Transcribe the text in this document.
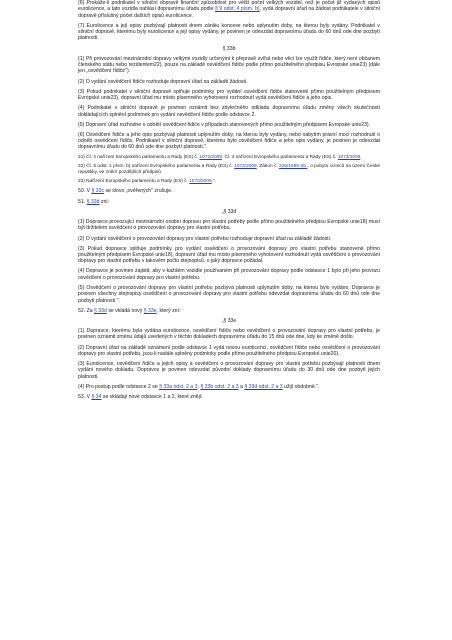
(6) Prokáže-li podnikatel v silniční dopravě finanční způsobilost pro větší počet velkých vozidel, než je počet již vydaných opisů eurolicence, a tato vozidla nahlásí dopravnímu úřadu podle § 9 odst. 4 písm. b), vydá dopravní úřad na žádost podnikatele v silniční dopravě příslušný počet dalších opisů eurolicence.

(7) Eurolicence a její opisy pozbývají platnosti dnem zániku koncese nebo uplynutím doby, na kterou byly vydány. Podnikatel v silniční dopravě, kterému byly eurolicence a její opisy vydány, je povinen je odevzdat dopravnímu úřadu do 60 dnů ode dne pozbytí platnosti.

§ 33b

(1) Při provozování mezinárodní dopravy velkými vozidly určenými k přepravě zvířat nebo věcí lze využít řidiče, který není občanem členského státu nebo rezidentem22), pouze na základě osvědčení řidiče podle přímo použitelného předpisu Evropské unie23) (dále jen „osvědčení řidiče").

(2) O vydání osvědčení řidiče rozhoduje dopravní úřad na základě žádosti.

(3) Pokud podnikatel v silniční dopravě splňuje podmínky pro vydání osvědčení řidiče stanovené přímo použitelným předpisem Evropské unie23), dopravní úřad mu místo písemného vyhotovení rozhodnutí vydá osvědčení řidiče a jeho opis.

(4) Podnikatel v silniční dopravě je povinen oznámit bez zbytečného odkladu dopravnímu úřadu změny všech skutečností dokládajících splnění podmínek pro vydání osvědčení řidiče podle odstavce 2.

(5) Dopravní úřad rozhodne o odnětí osvědčení řidiče v případech stanovených přímo použitelným předpisem Evropské unie23).

(6) Osvědčení řidiče a jeho opis pozbývají platnosti uplynutím doby, na kterou byly vydány, nebo nabytím právní moci rozhodnutí o odnětí osvědčení řidiče. Podnikatel v silniční dopravě, kterému bylo osvědčení řidiče a jeho opis vydány, je povinen je odevzdat dopravnímu úřadu do 60 dnů ode dne pozbytí platnosti.".

21) Čl. 4 nařízení Evropského parlamentu a Rady (ES) č. 1072/2009. Čl. 4 nařízení Evropského parlamentu a Rady (ES) č. 1073/2009.

22) Čl. 5 odst. 1 písm. b) nařízení Evropského parlamentu a Rady (ES) č. 1072/2009. Zákon č. 326/1999 Sb., o pobytu cizinců na území České republiky, ve znění pozdějších předpisů.

23) Nařízení Evropského parlamentu a Rady (ES) č. 1072/2009.".

50. V § 33c se slovo „ověřených" zrušuje.

51. § 33d zní:

„§ 33d

(1) Dopravce provozující mezinárodní osobní dopravu pro vlastní potřeby podle přímo použitelného předpisu Evropské unie18) musí být držitelem osvědčení o provozování dopravy pro vlastní potřebu.

(2) O vydání osvědčení o provozování dopravy pro vlastní potřebu rozhoduje dopravní úřad na základě žádosti.

(3) Pokud dopravce splňuje podmínky pro vydání osvědčení o provozování dopravy pro vlastní potřebu stanovené přímo použitelným předpisem Evropské unie18), dopravní úřad mu místo písemného vyhotovení rozhodnutí vydá osvědčení o provozování dopravy pro vlastní potřebu v takovém počtu stejnopisů, o jaký dopravce požádal.

(4) Dopravce je povinen zajistit, aby v každém vozidle používaném při provozování dopravy podle odstavce 1 bylo při jeho provozu osvědčení o provozování dopravy pro vlastní potřebu.

(5) Osvědčení o provozování dopravy pro vlastní potřebu pozbývá platnosti uplynutím doby, na kterou bylo vydáno. Dopravce je povinen všechny stejnopisy osvědčení o provozování dopravy pro vlastní potřebu odevzdat dopravnímu úřadu do 60 dnů ode dne pozbytí platnosti.".

52. Za § 33d se vkládá nový § 33e, který zní:

„§ 33e

(1) Dopravce, kterému byla vydána eurolicence, osvědčení řidiče nebo osvědčení o provozování dopravy pro vlastní potřebu, je povinen oznámit změnu údajů uvedených v těchto dokladech dopravnímu úřadu do 15 dnů ode dne, kdy ke změně došlo.

(2) Dopravní úřad na základě oznámení podle odstavce 1 vydá novou eurolicenci, osvědčení řidiče nebo osvědčení o provozování dopravy pro vlastní potřebu, jsou-li nadále splněny podmínky podle přímo použitelného předpisu Evropské unie20).

(3) Eurolicence, osvědčení řidiče a jejich opisy a osvědčení o provozování dopravy pro vlastní potřebu pozbývají platnosti dnem vydání nového dokladu. Dopravce je povinen odevzdat původní doklady dopravnímu úřadu do 30 dnů ode dne pozbytí jejich platnosti.

(4) Pro postup podle odstavce 2 se § 33a odst. 2 a 3, § 33b odst. 2 a 3 a § 33d odst. 2 a 3 užijí obdobně.".

53. V § 34 se vkládají nové odstavce 1 a 2, které znějí:
